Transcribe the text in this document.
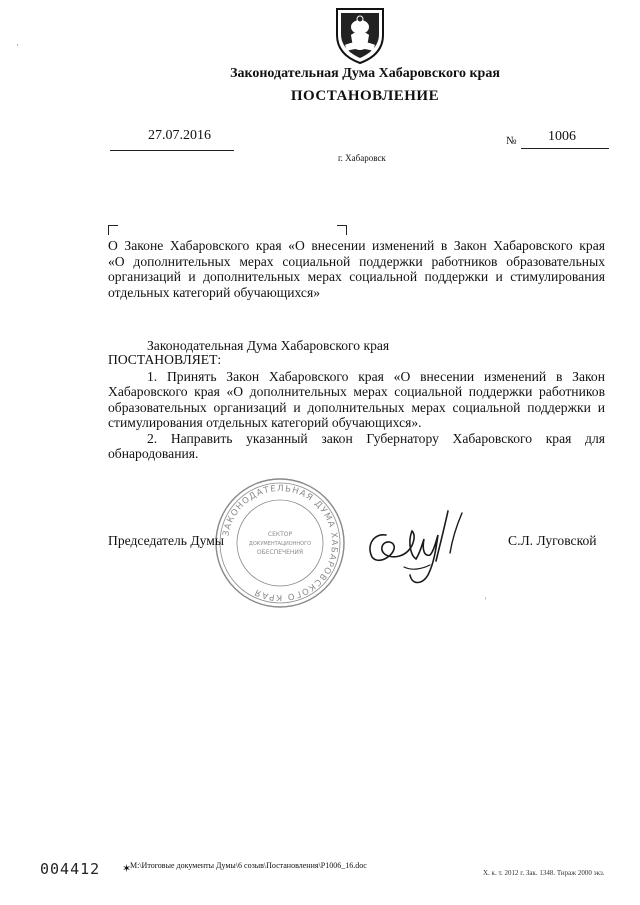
Законодательная Дума Хабаровского края
ПОСТАНОВЛЕНИЕ
27.07.2016	№ 1006
г. Хабаровск
О Законе Хабаровского края «О внесении изменений в Закон Хабаровского края
«О дополнительных мерах социальной поддержки работников образовательных
организаций и дополнительных мерах социальной поддержки и стимулирования
отдельных категорий обучающихся»
Законодательная Дума Хабаровского края
ПОСТАНОВЛЯЕТ:
1. Принять Закон Хабаровского края «О внесении изменений в Закон
Хабаровского края «О дополнительных мерах социальной поддержки работников
образовательных организаций и дополнительных мерах социальной поддержки и
стимулирования отдельных категорий обучающихся».
2. Направить указанный закон Губернатору Хабаровского края для
обнародования.
ЗАКОНОДАТЕЛЬНАЯ ДУМА ХАБАРОВСКОГО КРАЯ
СЕКТОР
ДОКУМЕНТАЦИОННОГО
ОБЕСПЕЧЕНИЯ
Председатель Думы	С.Л. Луговской
'
·
004412 ✶
M:\Итоговые документы Думы\6 созыв\Постановления\P1006_16.doc
Х. к. т. 2012 г. Зак. 1348. Тираж 2000 экз.
